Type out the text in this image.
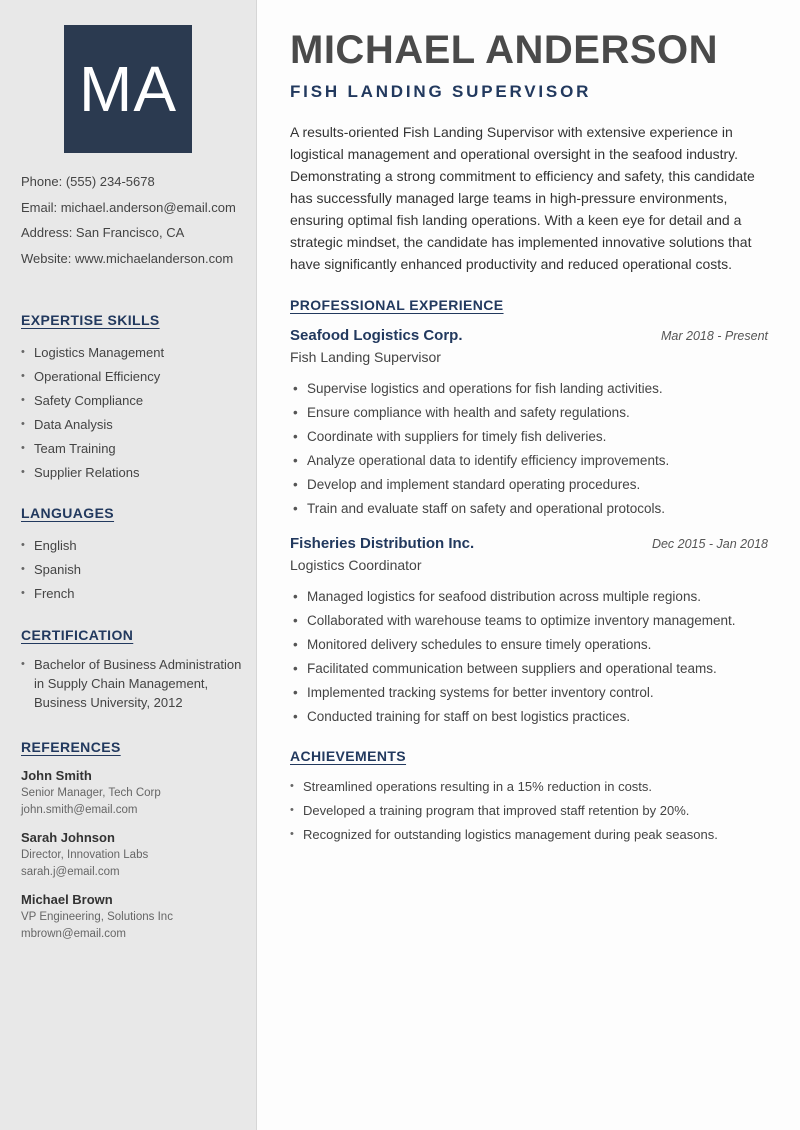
MA
Phone: (555) 234-5678
Email: michael.anderson@email.com
Address: San Francisco, CA
Website: www.michaelanderson.com
EXPERTISE SKILLS
• Logistics Management
• Operational Efficiency
• Safety Compliance
• Data Analysis
• Team Training
• Supplier Relations
LANGUAGES
• English
• Spanish
• French
CERTIFICATION
• Bachelor of Business Administration in Supply Chain Management, Business University, 2012
REFERENCES
John Smith
Senior Manager, Tech Corp
john.smith@email.com
Sarah Johnson
Director, Innovation Labs
sarah.j@email.com
Michael Brown
VP Engineering, Solutions Inc
mbrown@email.com
MICHAEL ANDERSON
FISH LANDING SUPERVISOR

A results-oriented Fish Landing Supervisor with extensive experience in logistical management and operational oversight in the seafood industry. Demonstrating a strong commitment to efficiency and safety, this candidate has successfully managed large teams in high-pressure environments, ensuring optimal fish landing operations. With a keen eye for detail and a strategic mindset, the candidate has implemented innovative solutions that have significantly enhanced productivity and reduced operational costs.

PROFESSIONAL EXPERIENCE
Seafood Logistics Corp.	Mar 2018 - Present
Fish Landing Supervisor
• Supervise logistics and operations for fish landing activities.
• Ensure compliance with health and safety regulations.
• Coordinate with suppliers for timely fish deliveries.
• Analyze operational data to identify efficiency improvements.
• Develop and implement standard operating procedures.
• Train and evaluate staff on safety and operational protocols.
Fisheries Distribution Inc.	Dec 2015 - Jan 2018
Logistics Coordinator
• Managed logistics for seafood distribution across multiple regions.
• Collaborated with warehouse teams to optimize inventory management.
• Monitored delivery schedules to ensure timely operations.
• Facilitated communication between suppliers and operational teams.
• Implemented tracking systems for better inventory control.
• Conducted training for staff on best logistics practices.
ACHIEVEMENTS
• Streamlined operations resulting in a 15% reduction in costs.
• Developed a training program that improved staff retention by 20%.
• Recognized for outstanding logistics management during peak seasons.
